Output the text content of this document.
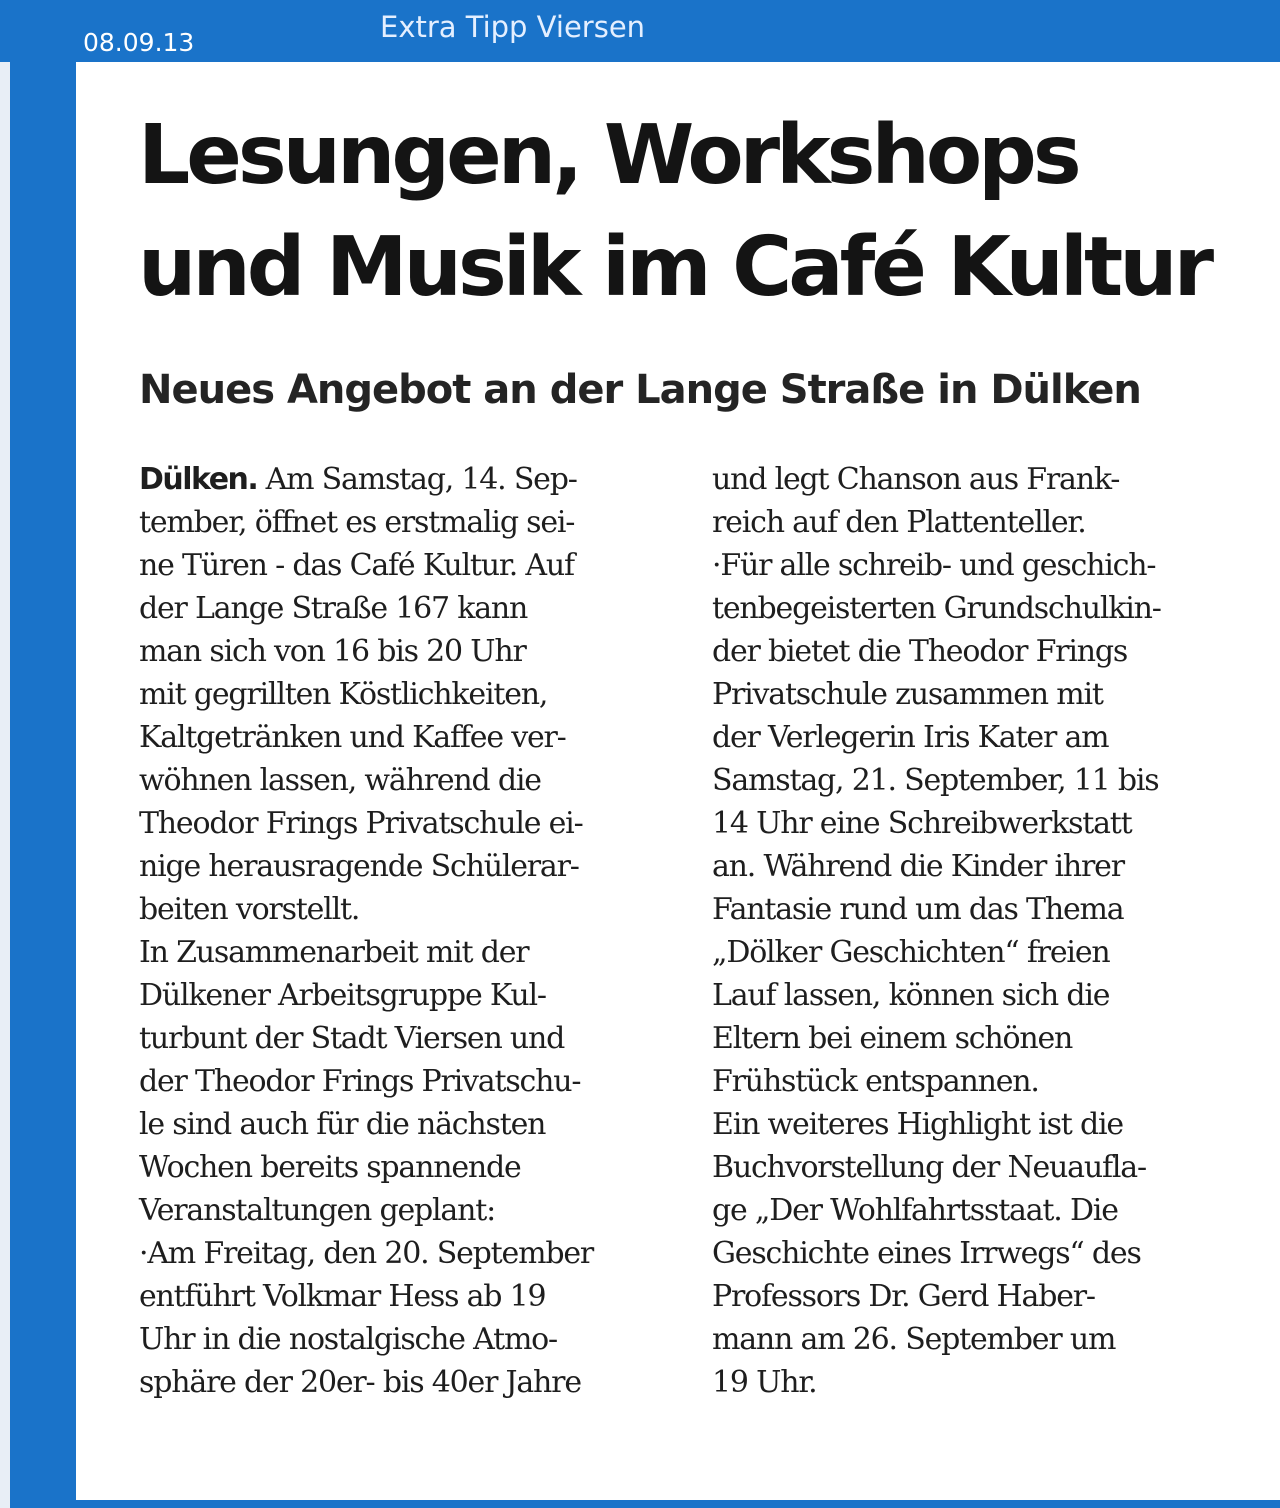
08.09.13	Extra Tipp Viersen
Lesungen, Workshops
und Musik im Café Kultur
Neues Angebot an der Lange Straße in Dülken
Dülken. Am Samstag, 14. Sep-
tember, öffnet es erstmalig sei-
ne Türen - das Café Kultur. Auf
der Lange Straße 167 kann
man sich von 16 bis 20 Uhr
mit gegrillten Köstlichkeiten,
Kaltgetränken und Kaffee ver-
wöhnen lassen, während die
Theodor Frings Privatschule ei-
nige herausragende Schülerar-
beiten vorstellt.
In Zusammenarbeit mit der
Dülkener Arbeitsgruppe Kul-
turbunt der Stadt Viersen und
der Theodor Frings Privatschu-
le sind auch für die nächsten
Wochen bereits spannende
Veranstaltungen geplant:
·Am Freitag, den 20. September
entführt Volkmar Hess ab 19
Uhr in die nostalgische Atmo-
sphäre der 20er- bis 40er Jahre
und legt Chanson aus Frank-
reich auf den Plattenteller.
·Für alle schreib- und geschich-
tenbegeisterten Grundschulkin-
der bietet die Theodor Frings
Privatschule zusammen mit
der Verlegerin Iris Kater am
Samstag, 21. September, 11 bis
14 Uhr eine Schreibwerkstatt
an. Während die Kinder ihrer
Fantasie rund um das Thema
„Dölker Geschichten“ freien
Lauf lassen, können sich die
Eltern bei einem schönen
Frühstück entspannen.
Ein weiteres Highlight ist die
Buchvorstellung der Neuaufla-
ge „Der Wohlfahrtsstaat. Die
Geschichte eines Irrwegs“ des
Professors Dr. Gerd Haber-
mann am 26. September um
19 Uhr.
